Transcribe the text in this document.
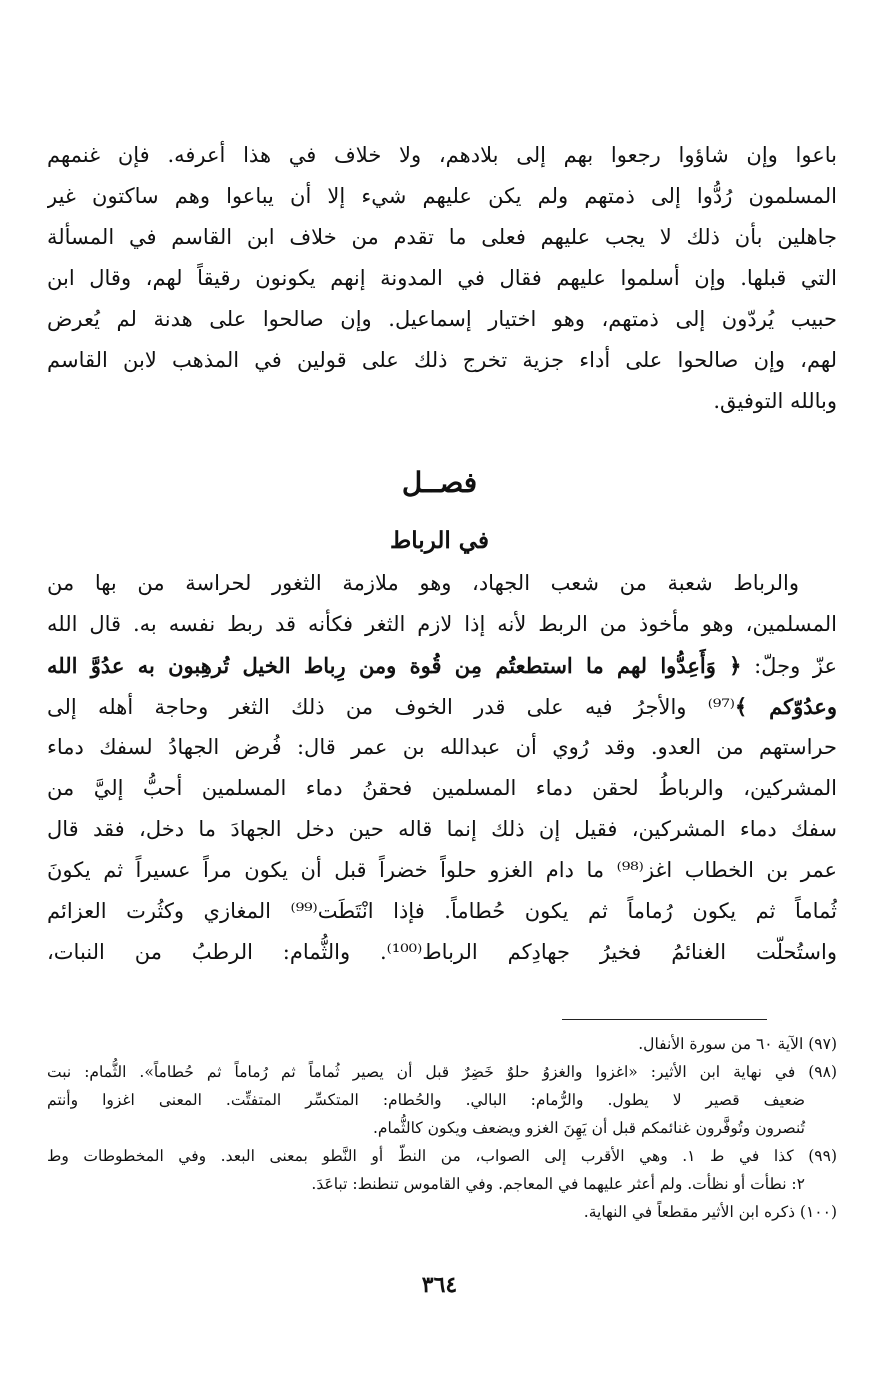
باعوا وإن شاؤوا رجعوا بهم إلى بلادهم، ولا خلاف في هذا أعرفه. فإن غنمهم
المسلمون رُدُّوا إلى ذمتهم ولم يكن عليهم شيء إلا أن يباعوا وهم ساكتون غير
جاهلين بأن ذلك لا يجب عليهم فعلى ما تقدم من خلاف ابن القاسم في المسألة
التي قبلها. وإن أسلموا عليهم فقال في المدونة إنهم يكونون رقيقاً لهم، وقال ابن
حبيب يُردّون إلى ذمتهم، وهو اختيار إسماعيل. وإن صالحوا على هدنة لم يُعرض
لهم، وإن صالحوا على أداء جزية تخرج ذلك على قولين في المذهب لابن القاسم
وبالله التوفيق.
فصــل
في الرباط
والرباط شعبة من شعب الجهاد، وهو ملازمة الثغور لحراسة من بها من
المسلمين، وهو مأخوذ من الربط لأنه إذا لازم الثغر فكأنه قد ربط نفسه به. قال الله
عزّ وجلّ: ﴿ وَأَعِدُّوا لهم ما استطعتُم مِن قُوة ومن رِباط الخيل تُرهِبون به عدُوَّ الله
وعدُوّكم ﴾⁽⁹⁷⁾ والأجرُ فيه على قدر الخوف من ذلك الثغر وحاجة أهله إلى
حراستهم من العدو. وقد رُوي أن عبدالله بن عمر قال: فُرض الجهادُ لسفك دماء
المشركين، والرباطُ لحقن دماء المسلمين فحقنُ دماء المسلمين أحبُّ إليَّ من
سفك دماء المشركين، فقيل إن ذلك إنما قاله حين دخل الجهادَ ما دخل، فقد قال
عمر بن الخطاب اغز⁽⁹⁸⁾ ما دام الغزو حلواً خضراً قبل أن يكون مراً عسيراً ثم يكونَ
ثُماماً ثم يكون رُماماً ثم يكون حُطاماً. فإذا انْتَطَت⁽⁹⁹⁾ المغازي وكثُرت العزائم
واستُحلّت الغنائمُ فخيرُ جهادِكم الرباط⁽¹⁰⁰⁾. والثُّمام: الرطبُ من النبات،
(٩٧) الآية ٦٠ من سورة الأنفال.
(٩٨) في نهاية ابن الأثير: «اغزوا والغزوُ حلوٌ خَضِرٌ قبل أن يصير ثُماماً ثم رُماماً ثم حُطاماً». الثُّمام: نبت
ضعيف قصير لا يطول. والرُّمام: البالي. والحُطام: المتكسِّر المتفتِّت. المعنى اغزوا وأنتم
تُنصرون وتُوفَّرون غنائمكم قبل أن يَهِنَ الغزو ويضعف ويكون كالثُّمام.
(٩٩) كذا في ط ١. وهي الأقرب إلى الصواب، من النطّ أو النَّطو بمعنى البعد. وفي المخطوطات وط
٢: نطأت أو نظأت. ولم أعثر عليهما في المعاجم. وفي القاموس تنطنط: تباعَدَ.
(١٠٠) ذكره ابن الأثير مقطعاً في النهاية.
٣٦٤
